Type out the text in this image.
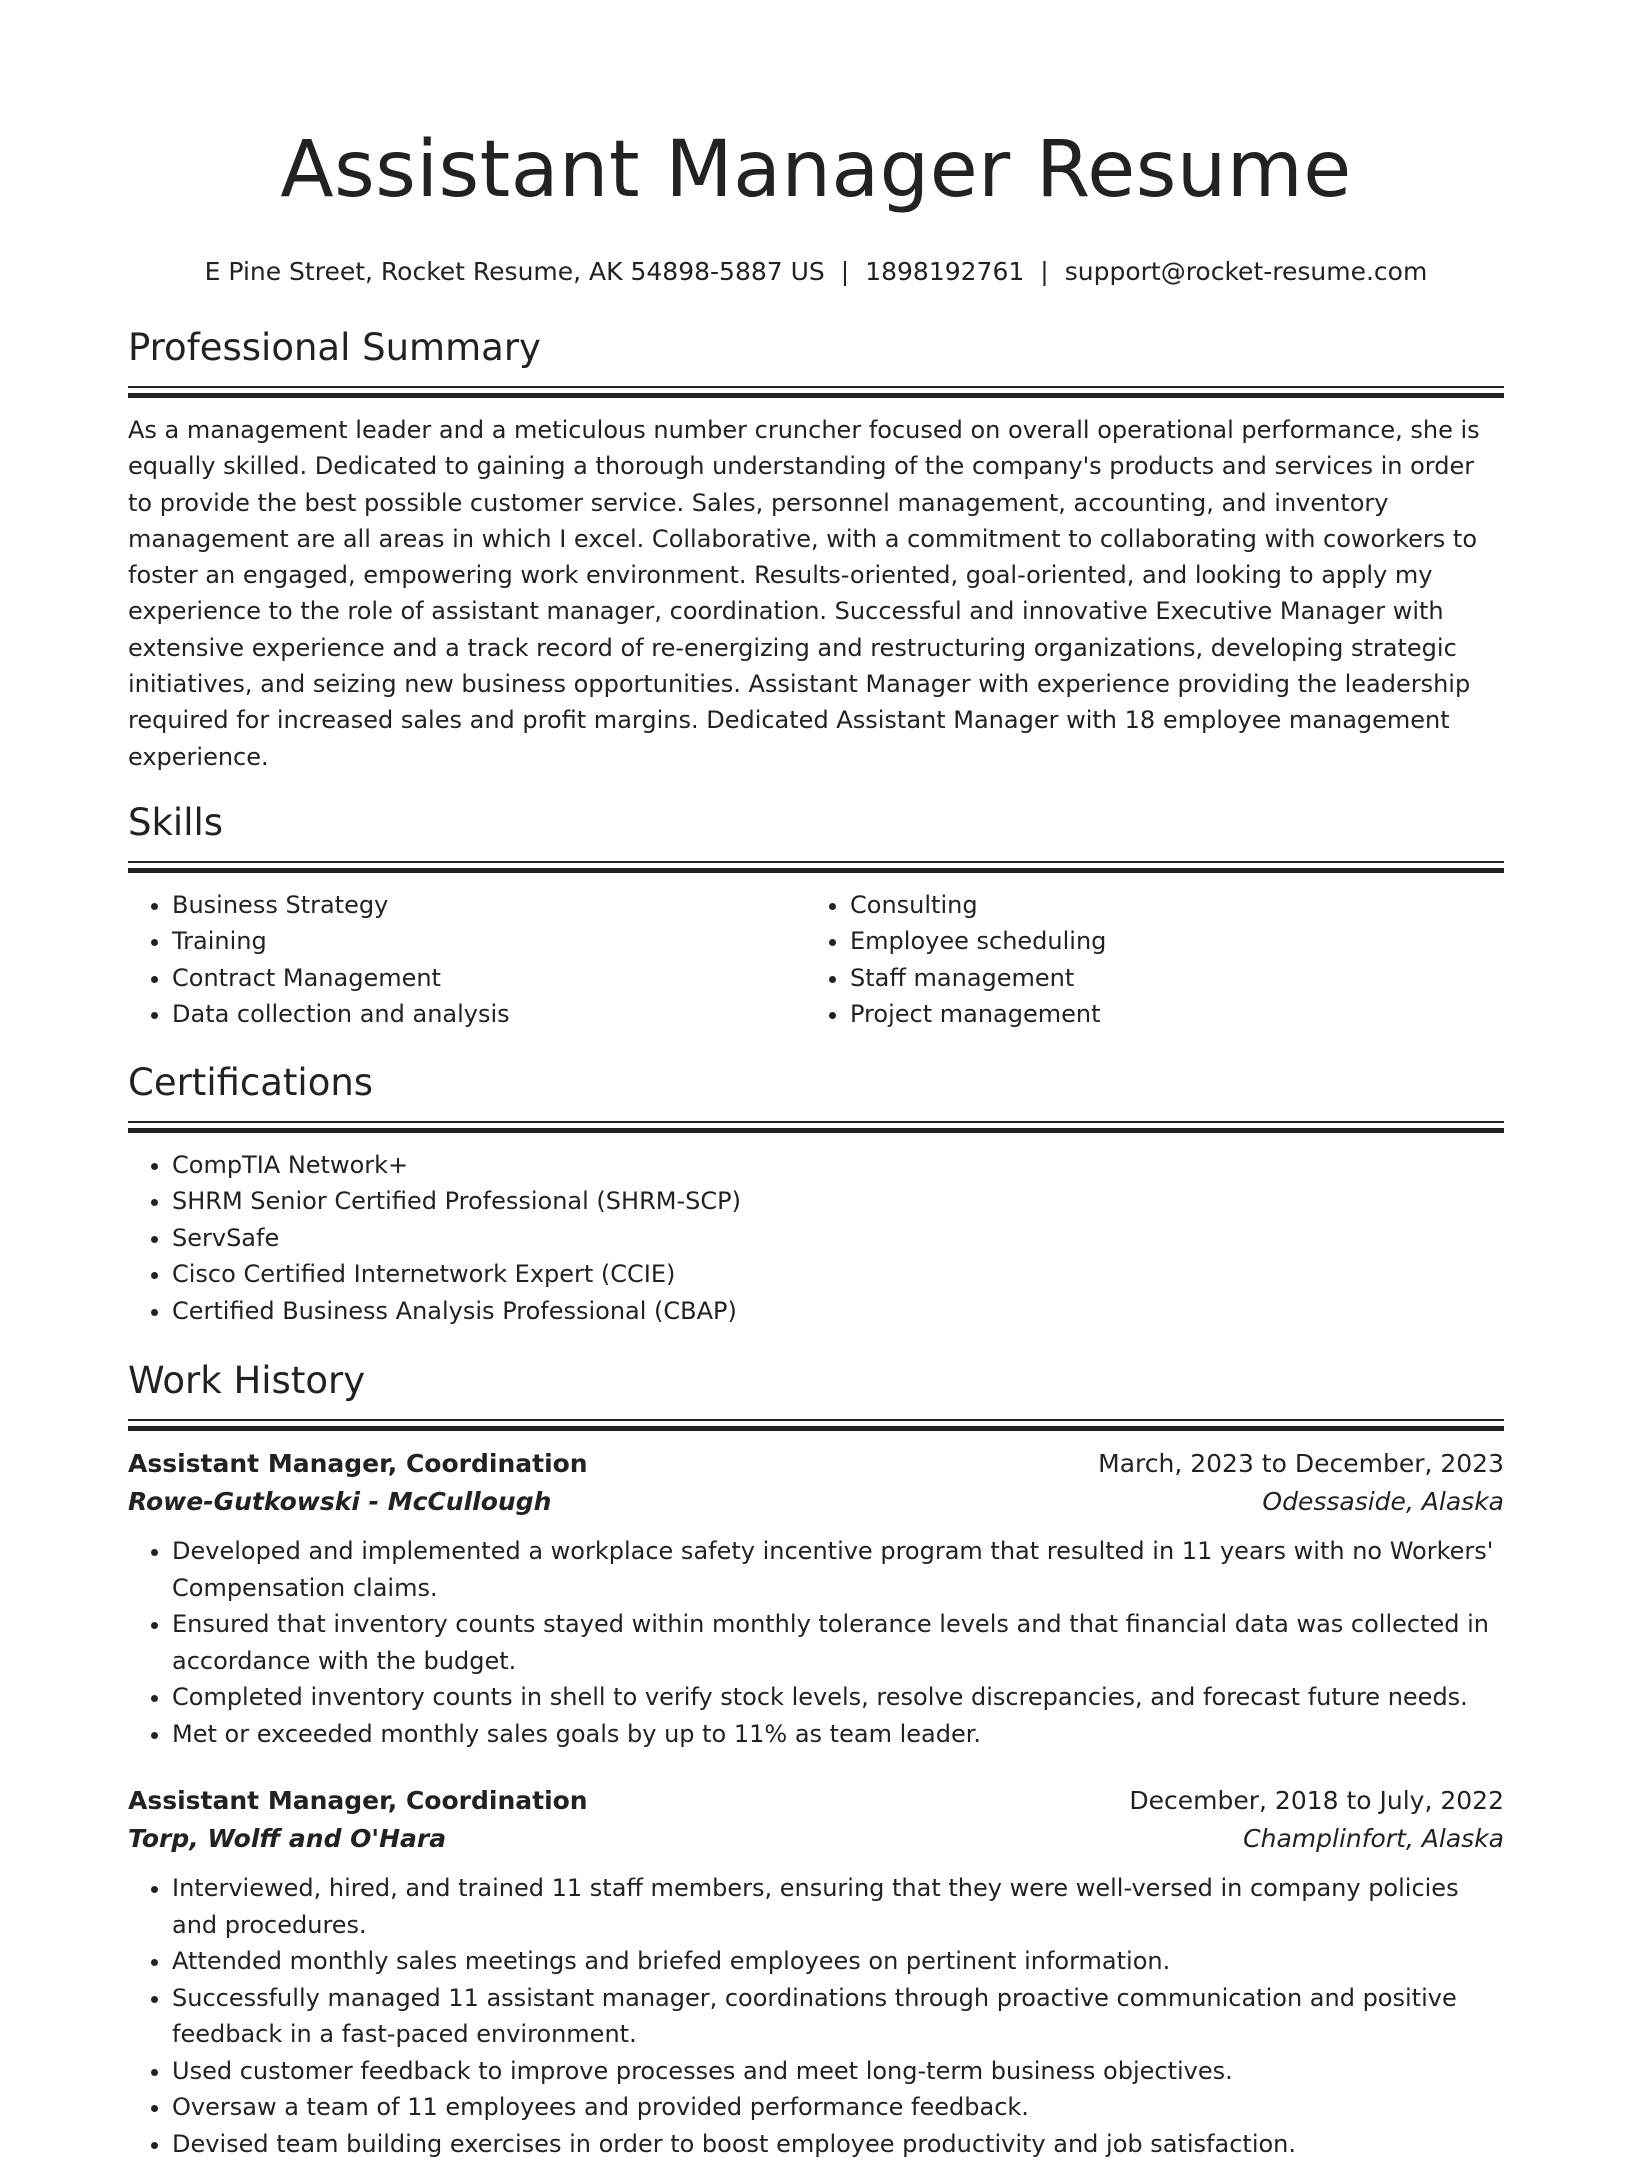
Assistant Manager Resume
E Pine Street, Rocket Resume, AK 54898-5887 US | 1898192761 | support@rocket-resume.com
Professional Summary
As a management leader and a meticulous number cruncher focused on overall operational performance, she is equally skilled. Dedicated to gaining a thorough understanding of the company's products and services in order to provide the best possible customer service. Sales, personnel management, accounting, and inventory management are all areas in which I excel. Collaborative, with a commitment to collaborating with coworkers to foster an engaged, empowering work environment. Results-oriented, goal-oriented, and looking to apply my experience to the role of assistant manager, coordination. Successful and innovative Executive Manager with extensive experience and a track record of re-energizing and restructuring organizations, developing strategic initiatives, and seizing new business opportunities. Assistant Manager with experience providing the leadership required for increased sales and profit margins. Dedicated Assistant Manager with 18 employee management experience.
Skills
• Business Strategy
• Training
• Contract Management
• Data collection and analysis
• Consulting
• Employee scheduling
• Staff management
• Project management
Certifications
• CompTIA Network+
• SHRM Senior Certified Professional (SHRM-SCP)
• ServSafe
• Cisco Certified Internetwork Expert (CCIE)
• Certified Business Analysis Professional (CBAP)
Work History
Assistant Manager, Coordination	March, 2023 to December, 2023
Rowe-Gutkowski - McCullough	Odessaside, Alaska
• Developed and implemented a workplace safety incentive program that resulted in 11 years with no Workers' Compensation claims.
• Ensured that inventory counts stayed within monthly tolerance levels and that financial data was collected in accordance with the budget.
• Completed inventory counts in shell to verify stock levels, resolve discrepancies, and forecast future needs.
• Met or exceeded monthly sales goals by up to 11% as team leader.
Assistant Manager, Coordination	December, 2018 to July, 2022
Torp, Wolff and O'Hara	Champlinfort, Alaska
• Interviewed, hired, and trained 11 staff members, ensuring that they were well-versed in company policies and procedures.
• Attended monthly sales meetings and briefed employees on pertinent information.
• Successfully managed 11 assistant manager, coordinations through proactive communication and positive feedback in a fast-paced environment.
• Used customer feedback to improve processes and meet long-term business objectives.
• Oversaw a team of 11 employees and provided performance feedback.
• Devised team building exercises in order to boost employee productivity and job satisfaction.
